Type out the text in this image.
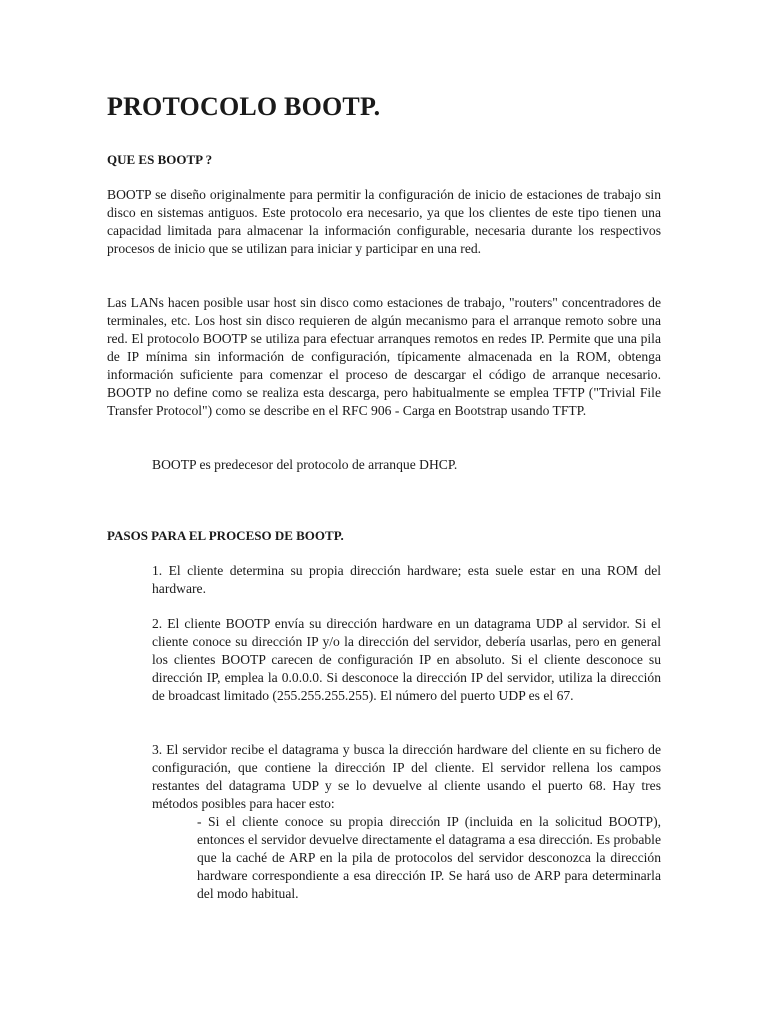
PROTOCOLO BOOTP.
QUE ES BOOTP ?

BOOTP se diseño originalmente para permitir la configuración de inicio de estaciones de trabajo sin disco en sistemas antiguos. Este protocolo era necesario, ya que los clientes de este tipo tienen una capacidad limitada para almacenar la información configurable, necesaria durante los respectivos procesos de inicio que se utilizan para iniciar y participar en una red.

Las LANs hacen posible usar host sin disco como estaciones de trabajo, "routers" concentradores de terminales, etc. Los host sin disco requieren de algún mecanismo para el arranque remoto sobre una red. El protocolo BOOTP se utiliza para efectuar arranques remotos en redes IP. Permite que una pila de IP mínima sin información de configuración, típicamente almacenada en la ROM, obtenga información suficiente para comenzar el proceso de descargar el código de arranque necesario. BOOTP no define como se realiza esta descarga, pero habitualmente se emplea TFTP ("Trivial File Transfer Protocol") como se describe en el RFC 906 - Carga en Bootstrap usando TFTP.

BOOTP es predecesor del protocolo de arranque DHCP.

PASOS PARA EL PROCESO DE BOOTP.

1. El cliente determina su propia dirección hardware; esta suele estar en una ROM del hardware.

2. El cliente BOOTP envía su dirección hardware en un datagrama UDP al servidor. Si el cliente conoce su dirección IP y/o la dirección del servidor, debería usarlas, pero en general los clientes BOOTP carecen de configuración IP en absoluto. Si el cliente desconoce su dirección IP, emplea la 0.0.0.0. Si desconoce la dirección IP del servidor, utiliza la dirección de broadcast limitado (255.255.255.255). El número del puerto UDP es el 67.

3. El servidor recibe el datagrama y busca la dirección hardware del cliente en su fichero de configuración, que contiene la dirección IP del cliente. El servidor rellena los campos restantes del datagrama UDP y se lo devuelve al cliente usando el puerto 68. Hay tres métodos posibles para hacer esto:

- Si el cliente conoce su propia dirección IP (incluida en la solicitud BOOTP), entonces el servidor devuelve directamente el datagrama a esa dirección. Es probable que la caché de ARP en la pila de protocolos del servidor desconozca la dirección hardware correspondiente a esa dirección IP. Se hará uso de ARP para determinarla del modo habitual.
